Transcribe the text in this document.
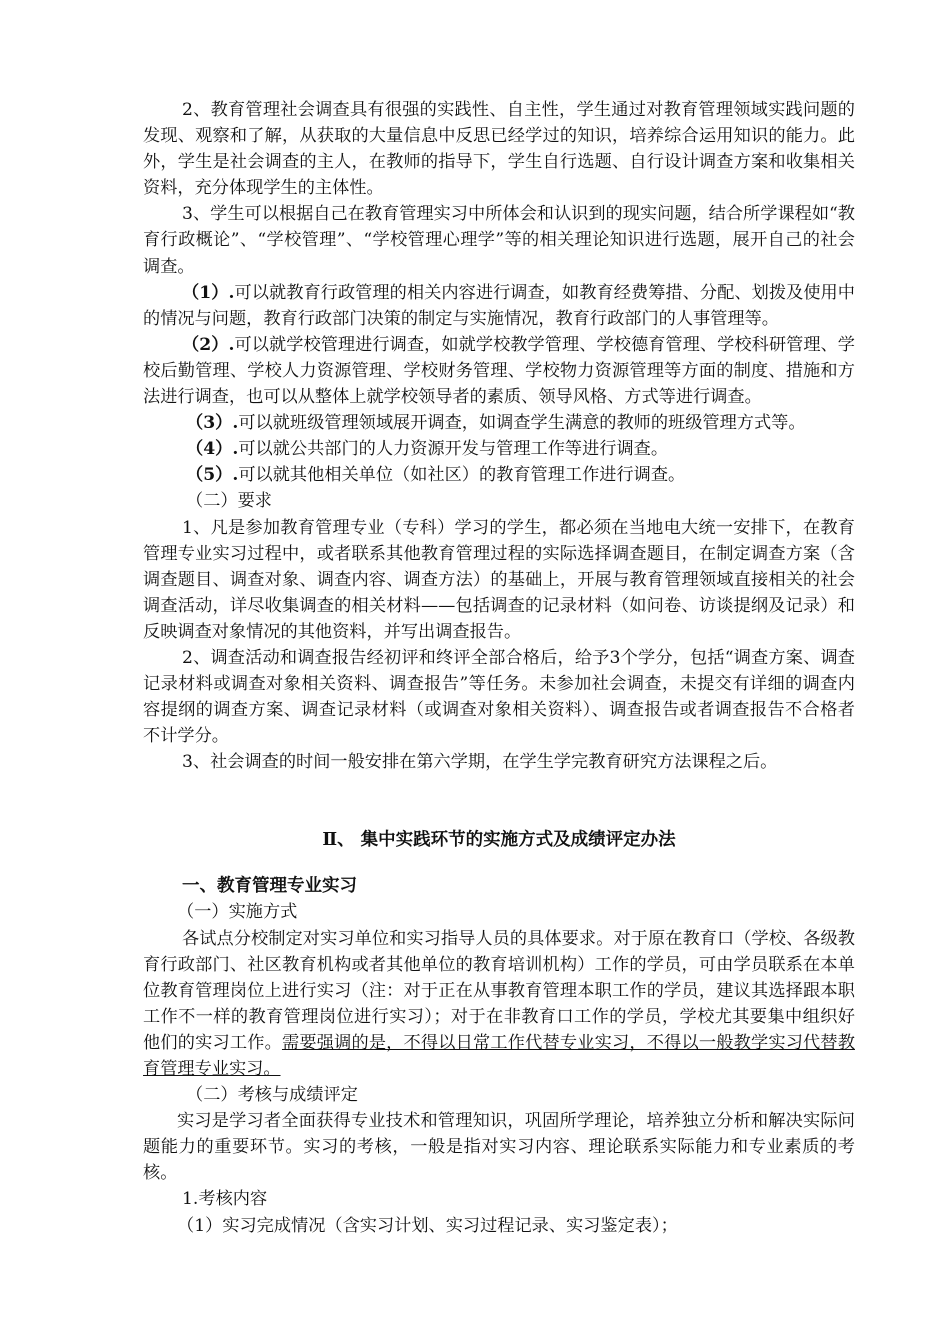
2、教育管理社会调查具有很强的实践性、自主性，学生通过对教育管理领域实践问题的发现、观察和了解，从获取的大量信息中反思已经学过的知识，培养综合运用知识的能力。此外，学生是社会调查的主人，在教师的指导下，学生自行选题、自行设计调查方案和收集相关资料，充分体现学生的主体性。

3、学生可以根据自己在教育管理实习中所体会和认识到的现实问题，结合所学课程如“教育行政概论”、“学校管理”、“学校管理心理学”等的相关理论知识进行选题，展开自己的社会调查。

（1）.可以就教育行政管理的相关内容进行调查，如教育经费筹措、分配、划拨及使用中的情况与问题，教育行政部门决策的制定与实施情况，教育行政部门的人事管理等。

（2）.可以就学校管理进行调查，如就学校教学管理、学校德育管理、学校科研管理、学校后勤管理、学校人力资源管理、学校财务管理、学校物力资源管理等方面的制度、措施和方法进行调查，也可以从整体上就学校领导者的素质、领导风格、方式等进行调查。

（3）.可以就班级管理领域展开调查，如调查学生满意的教师的班级管理方式等。

（4）.可以就公共部门的人力资源开发与管理工作等进行调查。

（5）.可以就其他相关单位（如社区）的教育管理工作进行调查。

（二）要求

1、凡是参加教育管理专业（专科）学习的学生，都必须在当地电大统一安排下，在教育管理专业实习过程中，或者联系其他教育管理过程的实际选择调查题目，在制定调查方案（含调查题目、调查对象、调查内容、调查方法）的基础上，开展与教育管理领域直接相关的社会调查活动，详尽收集调查的相关材料——包括调查的记录材料（如问卷、访谈提纲及记录）和反映调查对象情况的其他资料，并写出调查报告。

2、调查活动和调查报告经初评和终评全部合格后，给予3个学分，包括“调查方案、调查记录材料或调查对象相关资料、调查报告”等任务。未参加社会调查，未提交有详细的调查内容提纲的调查方案、调查记录材料（或调查对象相关资料）、调查报告或者调查报告不合格者不计学分。

3、社会调查的时间一般安排在第六学期，在学生学完教育研究方法课程之后。

Ⅱ、 集中实践环节的实施方式及成绩评定办法
一、教育管理专业实习

（一）实施方式

各试点分校制定对实习单位和实习指导人员的具体要求。对于原在教育口（学校、各级教育行政部门、社区教育机构或者其他单位的教育培训机构）工作的学员，可由学员联系在本单位教育管理岗位上进行实习（注：对于正在从事教育管理本职工作的学员，建议其选择跟本职工作不一样的教育管理岗位进行实习）；对于在非教育口工作的学员，学校尤其要集中组织好他们的实习工作。需要强调的是，不得以日常工作代替专业实习，不得以一般教学实习代替教育管理专业实习。

（二）考核与成绩评定

实习是学习者全面获得专业技术和管理知识，巩固所学理论，培养独立分析和解决实际问题能力的重要环节。实习的考核，一般是指对实习内容、理论联系实际能力和专业素质的考核。

1.考核内容

（1）实习完成情况（含实习计划、实习过程记录、实习鉴定表）；
